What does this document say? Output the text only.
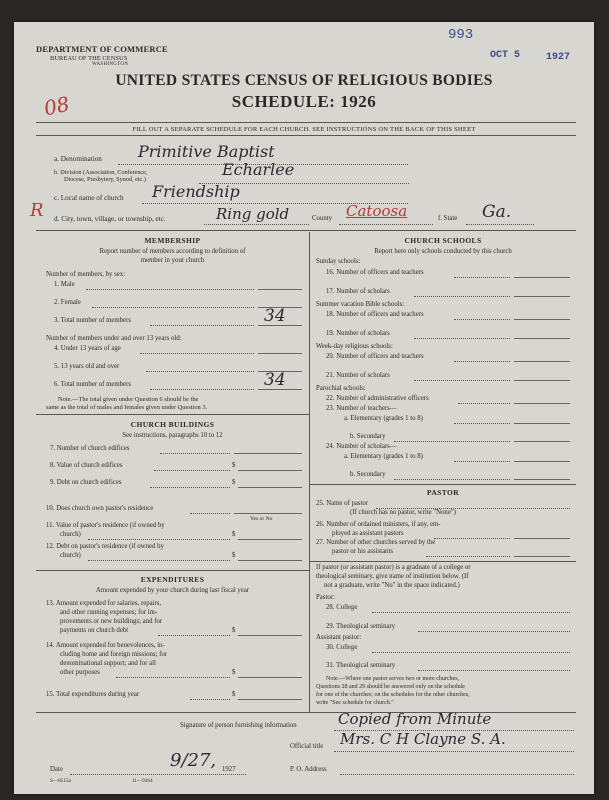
DEPARTMENT OF COMMERCE
BUREAU OF THE CENSUS
WASHINGTON
993
OCT 5	1927
08
R
UNITED STATES CENSUS OF RELIGIOUS BODIES
SCHEDULE: 1926
FILL OUT A SEPARATE SCHEDULE FOR EACH CHURCH. SEE INSTRUCTIONS ON THE BACK OF THIS SHEET
a. Denomination Primitive Baptist
b. Division (Association, Conference,
Diocese, Presbytery, Synod, etc.)
Echarlee
c. Local name of church Friendship
d. City, town, village, or township, etc.	Ring gold	County Catoosa	f. State Ga.
MEMBERSHIP
Report number of members according to definition of
member in your church
Number of members, by sex:
1. Male
2. Female
3. Total number of members	34
Number of members under and over 13 years old:
4. Under 13 years of age
5. 13 years old and over
6. Total number of members	34
Note.—The total given under Question 6 should be the
same as the total of males and females given under Question 3.
CHURCH BUILDINGS
See instructions, paragraphs 10 to 12
7. Number of church edifices
8. Value of church edifices	$
9. Debt on church edifices	$
10. Does church own pastor's residence
Yes or No
11. Value of pastor's residence (if owned by
church)	$
12. Debt on pastor's residence (if owned by
church)	$
EXPENDITURES
Amount expended by your church during last fiscal year
13. Amount expended for salaries, repairs,
and other running expenses; for im-
provements or new buildings; and for
payments on church debt	$
14. Amount expended for benevolences, in-
cluding home and foreign missions; for
denominational support; and for all
other purposes	$
15. Total expenditures during year	$
CHURCH SCHOOLS
Report here only schools conducted by this church
Sunday schools:
16. Number of officers and teachers
17. Number of scholars
Summer vacation Bible schools:
18. Number of officers and teachers
19. Number of scholars
Week-day religious schools:
20. Number of officers and teachers
21. Number of scholars
Parochial schools:
22. Number of administrative officers
23. Number of teachers—
a. Elementary (grades 1 to 8)
b. Secondary
24. Number of scholars—
a. Elementary (grades 1 to 8)
b. Secondary
PASTOR
25. Name of pastor
(If church has no pastor, write "None")
26. Number of ordained ministers, if any, em-
ployed as assistant pastors
27. Number of other churches served by the
pastor or his assistants
If pastor (or assistant pastor) is a graduate of a college or
theological seminary, give name of institution below. (If
not a graduate, write "No" in the space indicated.)
Pastor:
28. College
29. Theological seminary
Assistant pastor:
30. College
31. Theological seminary
Note.—Where one pastor serves two or more churches,
Questions 28 and 29 should be answered only on the schedule
for one of the churches; on the schedules for the other churches,
write "See schedule for church."
Signature of person furnishing information	Copied from Minute
Official title Mrs. C H Clayne S. A.
Date	9/27, 1927	P. O. Address
S—8515a	11—9364
